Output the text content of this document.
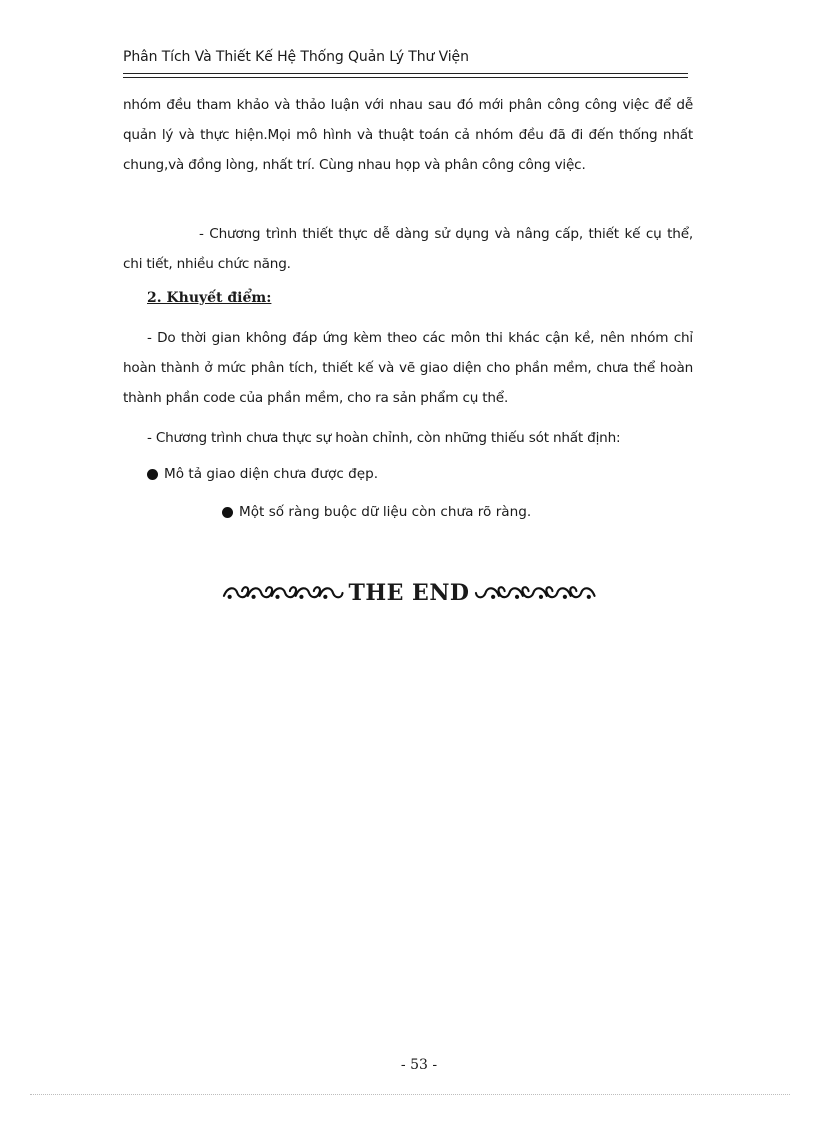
Phân Tích Và Thiết Kế Hệ Thống Quản Lý Thư Viện
nhóm đều tham khảo và thảo luận với nhau sau đó mới phân công công việc để dễ quản lý và thực hiện.Mọi mô hình và thuật toán cả nhóm đều đã đi đến thống nhất chung,và đồng lòng, nhất trí. Cùng nhau họp và phân công công việc.
- Chương trình thiết thực dễ dàng sử dụng và nâng cấp, thiết kế cụ thể, chi tiết, nhiều chức năng.
2. Khuyết điểm:
- Do thời gian không đáp ứng kèm theo các môn thi khác cận kề, nên nhóm chỉ hoàn thành ở mức phân tích, thiết kế và vẽ giao diện cho phần mềm, chưa thể hoàn thành phần code của phần mềm, cho ra sản phẩm cụ thể.
- Chương trình chưa thực sự hoàn chỉnh, còn những thiếu sót nhất định:
Mô tả giao diện chưa được đẹp.
Một số ràng buộc dữ liệu còn chưa rõ ràng.
THE END
- 53 -
